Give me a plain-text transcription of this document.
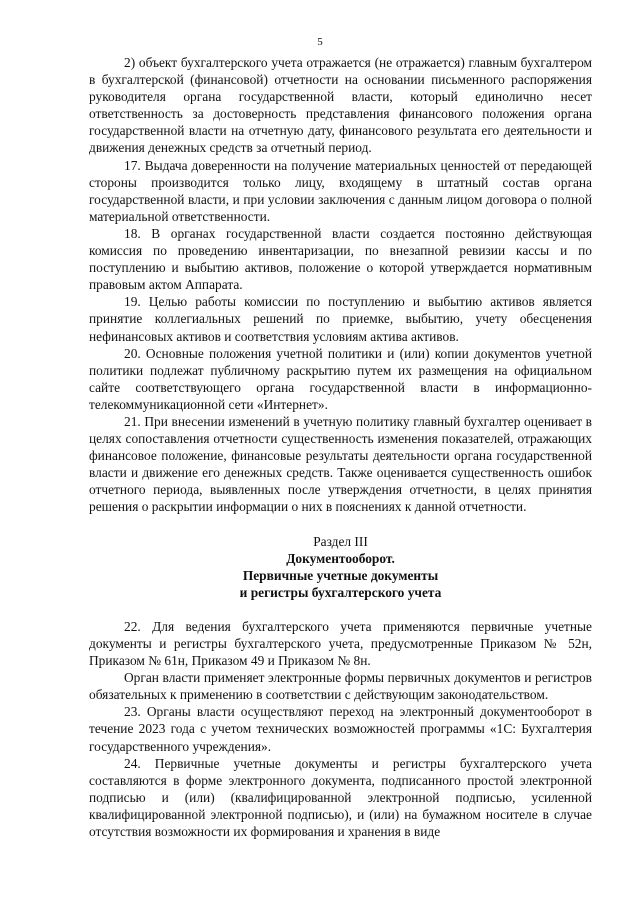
5

2) объект бухгалтерского учета отражается (не отражается) главным бухгалтером в бухгалтерской (финансовой) отчетности на основании письменного распоряжения руководителя органа государственной власти, который единолично несет ответственность за достоверность представления финансового положения органа государственной власти на отчетную дату, финансового результата его деятельности и движения денежных средств за отчетный период.

17. Выдача доверенности на получение материальных ценностей от передающей стороны производится только лицу, входящему в штатный состав органа государственной власти, и при условии заключения с данным лицом договора о полной материальной ответственности.

18. В органах государственной власти создается постоянно действующая комиссия по проведению инвентаризации, по внезапной ревизии кассы и по поступлению и выбытию активов, положение о которой утверждается нормативным правовым актом Аппарата.

19. Целью работы комиссии по поступлению и выбытию активов является принятие коллегиальных решений по приемке, выбытию, учету обесценения нефинансовых активов и соответствия условиям актива активов.

20. Основные положения учетной политики и (или) копии документов учетной политики подлежат публичному раскрытию путем их размещения на официальном сайте соответствующего органа государственной власти в информационно-телекоммуникационной сети «Интернет».

21. При внесении изменений в учетную политику главный бухгалтер оценивает в целях сопоставления отчетности существенность изменения показателей, отражающих финансовое положение, финансовые результаты деятельности органа государственной власти и движение его денежных средств. Также оценивается существенность ошибок отчетного периода, выявленных после утверждения отчетности, в целях принятия решения о раскрытии информации о них в пояснениях к данной отчетности.

Раздел III
Документооборот.
Первичные учетные документы
и регистры бухгалтерского учета

22. Для ведения бухгалтерского учета применяются первичные учетные документы и регистры бухгалтерского учета, предусмотренные Приказом № 52н, Приказом № 61н, Приказом 49 и Приказом № 8н.

Орган власти применяет электронные формы первичных документов и регистров обязательных к применению в соответствии с действующим законодательством.

23. Органы власти осуществляют переход на электронный документооборот в течение 2023 года с учетом технических возможностей программы «1С: Бухгалтерия государственного учреждения».

24. Первичные учетные документы и регистры бухгалтерского учета составляются в форме электронного документа, подписанного простой электронной подписью и (или) (квалифицированной электронной подписью, усиленной квалифицированной электронной подписью), и (или) на бумажном носителе в случае отсутствия возможности их формирования и хранения в виде
